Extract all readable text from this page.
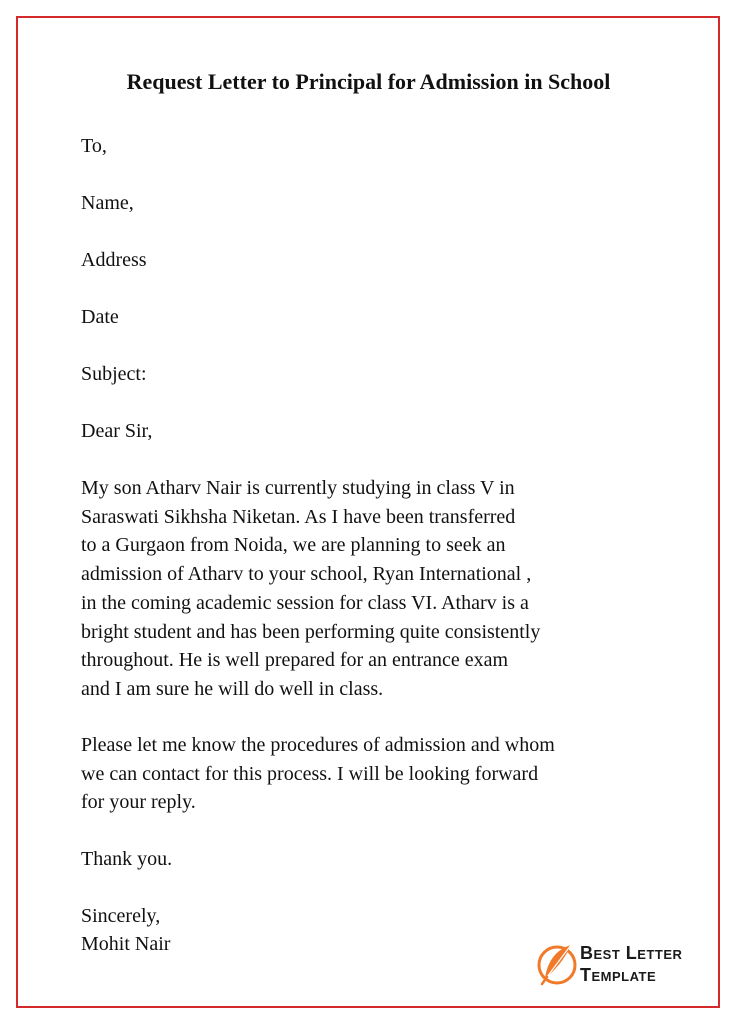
Request Letter to Principal for Admission in School

To,

Name,

Address

Date

Subject:

Dear Sir,

My son Atharv Nair is currently studying in class V in
Saraswati Sikhsha Niketan. As I have been transferred
to a Gurgaon from Noida, we are planning to seek an
admission of Atharv to your school, Ryan International ,
in the coming academic session for class VI. Atharv is a
bright student and has been performing quite consistently
throughout. He is well prepared for an entrance exam
and I am sure he will do well in class.
Please let me know the procedures of admission and whom
we can contact for this process. I will be looking forward
for your reply.

Thank you.

Sincerely,

Mohit Nair	Best Letter
Template
